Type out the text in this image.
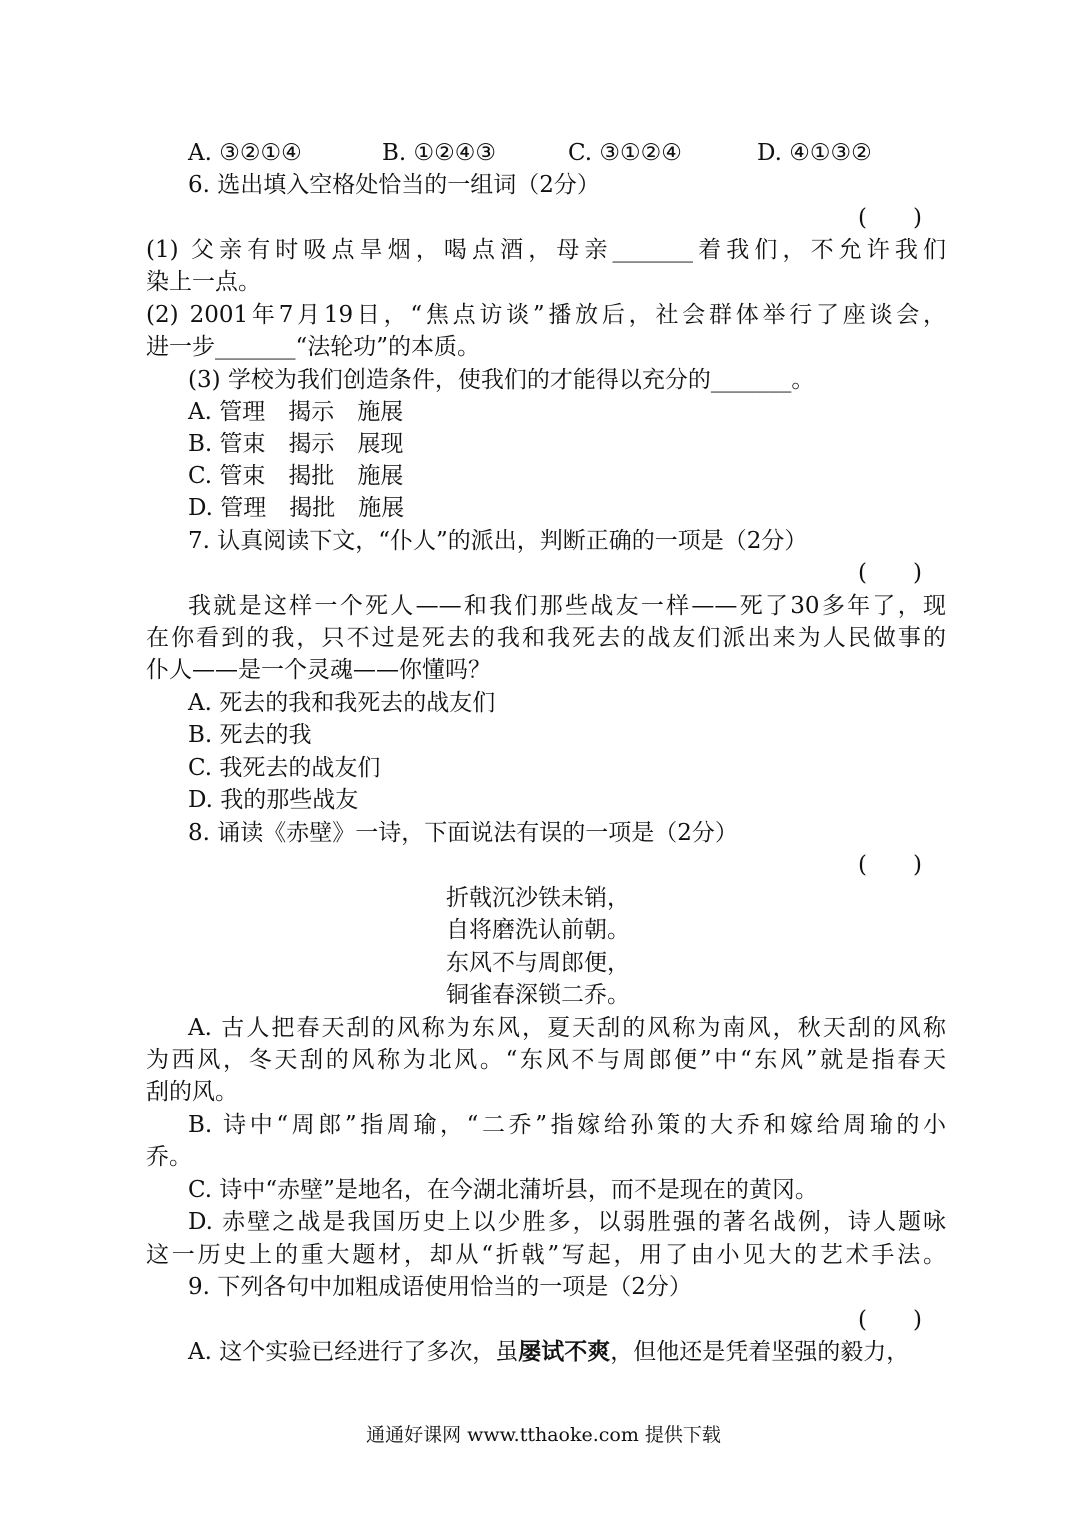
A. ③②①④	B. ①②④③	C. ③①②④	D. ④①③②
6. 选出填入空格处恰当的一组词（2分）
(　　)
(1) 父亲有时吸点旱烟，喝点酒，母亲_______着我们，不允许我们
染上一点。
(2) 2001年7月19日，“焦点访谈”播放后，社会群体举行了座谈会，
进一步_______“法轮功”的本质。
(3) 学校为我们创造条件，使我们的才能得以充分的_______。
A. 管理　揭示　施展
B. 管束　揭示　展现
C. 管束　揭批　施展
D. 管理　揭批　施展
7. 认真阅读下文，“仆人”的派出，判断正确的一项是（2分）
(　　)
我就是这样一个死人——和我们那些战友一样——死了30多年了，现
在你看到的我，只不过是死去的我和我死去的战友们派出来为人民做事的
仆人——是一个灵魂——你懂吗？
A. 死去的我和我死去的战友们
B. 死去的我
C. 我死去的战友们
D. 我的那些战友
8. 诵读《赤壁》一诗，下面说法有误的一项是（2分）
(　　)
折戟沉沙铁未销，
自将磨洗认前朝。
东风不与周郎便，
铜雀春深锁二乔。
A. 古人把春天刮的风称为东风，夏天刮的风称为南风，秋天刮的风称
为西风，冬天刮的风称为北风。“东风不与周郎便”中“东风”就是指春天
刮的风。
B. 诗中“周郎”指周瑜，“二乔”指嫁给孙策的大乔和嫁给周瑜的小
乔。
C. 诗中“赤壁”是地名，在今湖北蒲圻县，而不是现在的黄冈。
D. 赤壁之战是我国历史上以少胜多，以弱胜强的著名战例，诗人题咏
这一历史上的重大题材，却从“折戟”写起，用了由小见大的艺术手法。
9. 下列各句中加粗成语使用恰当的一项是（2分）
(　　)
A. 这个实验已经进行了多次，虽屡试不爽，但他还是凭着坚强的毅力，
通通好课网 www.tthaoke.com 提供下载
